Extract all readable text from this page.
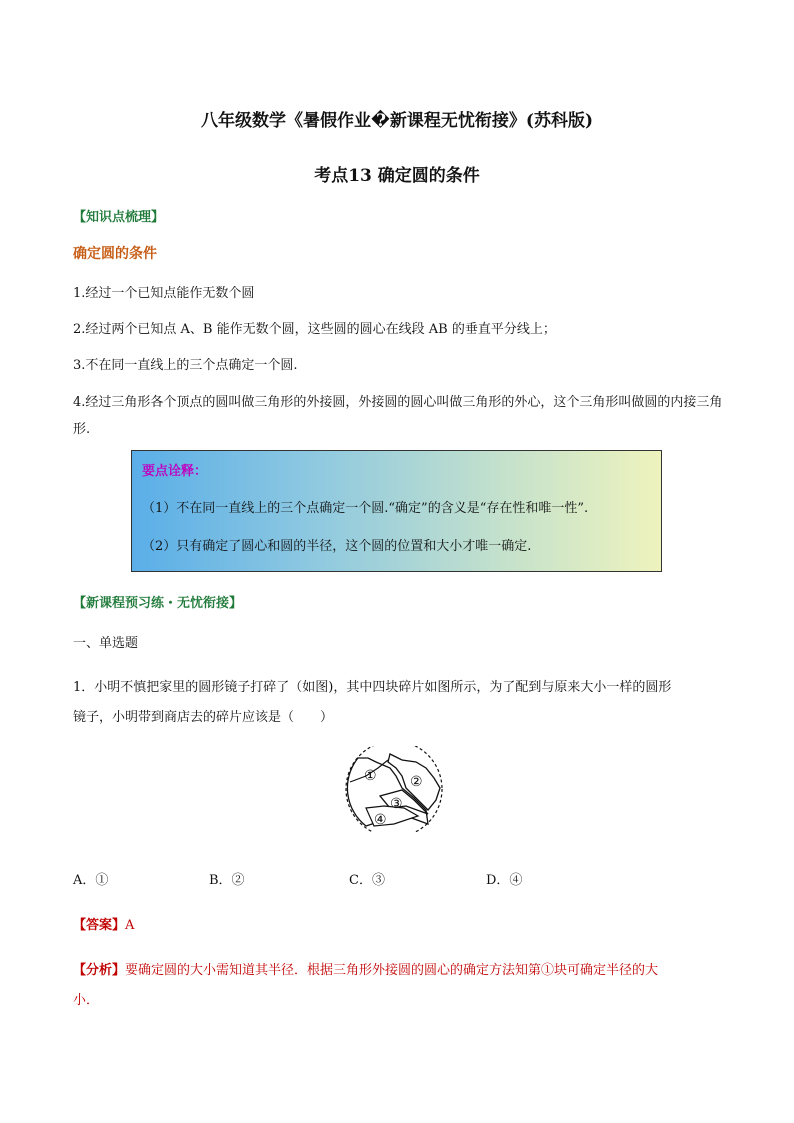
八年级数学《暑假作业�新课程无忧衔接》(苏科版)
考点13 确定圆的条件
【知识点梳理】
确定圆的条件
1.经过一个已知点能作无数个圆
2.经过两个已知点 A、B 能作无数个圆，这些圆的圆心在线段 AB 的垂直平分线上；
3.不在同一直线上的三个点确定一个圆.
4.经过三角形各个顶点的圆叫做三角形的外接圆，外接圆的圆心叫做三角形的外心，这个三角形叫做圆的内接三角形.
要点诠释：
（1）不在同一直线上的三个点确定一个圆.“确定”的含义是“存在性和唯一性”.
（2）只有确定了圆心和圆的半径，这个圆的位置和大小才唯一确定.
【新课程预习练・无忧衔接】
一、单选题
1．小明不慎把家里的圆形镜子打碎了（如图)，其中四块碎片如图所示，为了配到与原来大小一样的圆形
镜子，小明带到商店去的碎片应该是（　　）
① ②
③
④
A．①	B．②	C．③	D．④
【答案】A
【分析】要确定圆的大小需知道其半径．根据三角形外接圆的圆心的确定方法知第①块可确定半径的大
小．
